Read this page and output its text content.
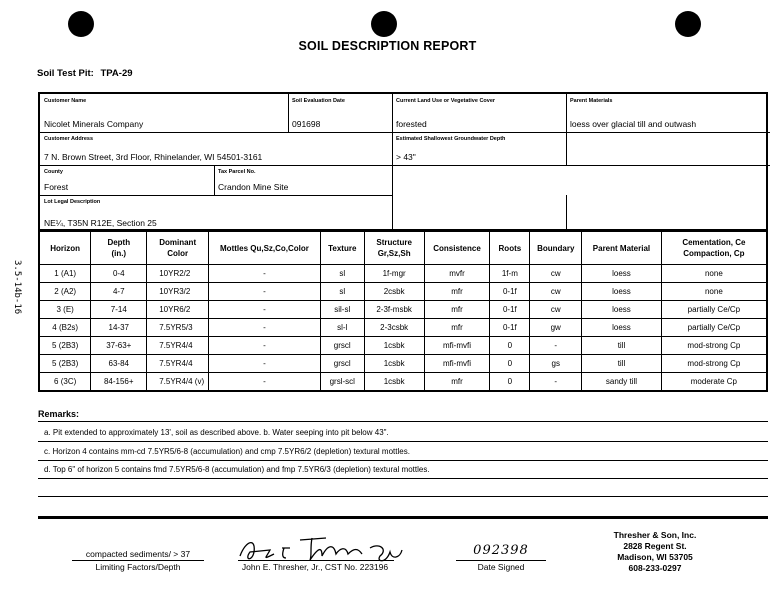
SOIL DESCRIPTION REPORT
Soil Test Pit: TPA-29
3.5-14b-16
Customer Name
Nicolet Minerals Company
Soil Evaluation Date
091698
Current Land Use or Vegetative Cover
forested
Parent Materials
loess over glacial till and outwash
Customer Address
7 N. Brown Street, 3rd Floor, Rhinelander, WI 54501-3161
Estimated Shallowest Groundwater Depth
> 43"
County
Forest
Tax Parcel No.
Crandon Mine Site
Lot Legal Description
NE¼, T35N R12E, Section 25
Horizon	Depth (in.)	Dominant Color	Mottles Qu,Sz,Co,Color	Texture	Structure Gr,Sz,Sh	Consistence	Roots	Boundary	Parent Material	Cementation, Ce Compaction, Cp
1 (A1)	0-4	10YR2/2	-	sl	1f-mgr	mvfr	1f-m	cw	loess	none
2 (A2)	4-7	10YR3/2	-	sl	2csbk	mfr	0-1f	cw	loess	none
3 (E)	7-14	10YR6/2	-	sil-sl	2-3f-msbk	mfr	0-1f	cw	loess	partially Ce/Cp
4 (B2s)	14-37	7.5YR5/3	-	sl-l	2-3csbk	mfr	0-1f	gw	loess	partially Ce/Cp
5 (2B3)	37-63+	7.5YR4/4	-	grscl	1csbk	mfi-mvfi	0	-	till	mod-strong Cp
5 (2B3)	63-84	7.5YR4/4	-	grscl	1csbk	mfi-mvfi	0	gs	till	mod-strong Cp
6 (3C)	84-156+	7.5YR4/4 (v)	-	grsl-scl	1csbk	mfr	0	-	sandy till	moderate Cp
Remarks:
a. Pit extended to approximately 13', soil as described above. b. Water seeping into pit below 43".
c. Horizon 4 contains mm-cd 7.5YR5/6-8 (accumulation) and cmp 7.5YR6/2 (depletion) textural mottles.
d. Top 6" of horizon 5 contains fmd 7.5YR5/6-8 (accumulation) and fmp 7.5YR6/3 (depletion) textural mottles.
compacted sediments/ > 37
Limiting Factors/Depth	John E. Thresher, Jr., CST No. 223196
092398
Date Signed
Thresher & Son, Inc.
2828 Regent St.
Madison, WI 53705
608-233-0297
